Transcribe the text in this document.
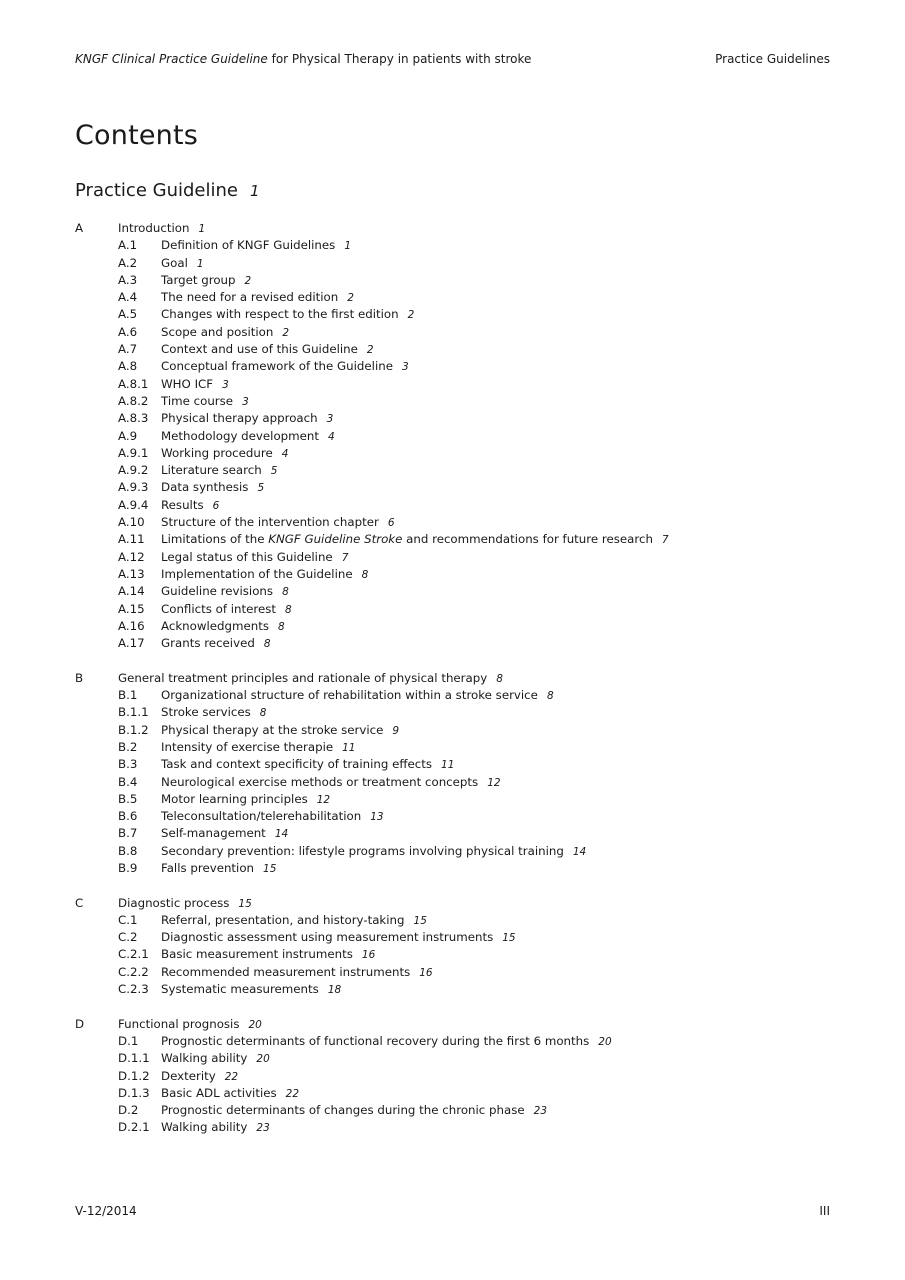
KNGF Clinical Practice Guideline for Physical Therapy in patients with stroke	Practice Guidelines
Contents
Practice Guideline 1
A	Introduction 1
A.1 Definition of KNGF Guidelines 1
A.2 Goal 1
A.3 Target group 2
A.4 The need for a revised edition 2
A.5 Changes with respect to the first edition 2
A.6 Scope and position 2
A.7 Context and use of this Guideline 2
A.8 Conceptual framework of the Guideline 3
A.8.1 WHO ICF 3
A.8.2 Time course 3
A.8.3 Physical therapy approach 3
A.9 Methodology development 4
A.9.1 Working procedure 4
A.9.2 Literature search 5
A.9.3 Data synthesis 5
A.9.4 Results 6
A.10 Structure of the intervention chapter 6
A.11 Limitations of the KNGF Guideline Stroke and recommendations for future research 7
A.12 Legal status of this Guideline 7
A.13 Implementation of the Guideline 8
A.14 Guideline revisions 8
A.15 Conflicts of interest 8
A.16 Acknowledgments 8
A.17 Grants received 8
B	General treatment principles and rationale of physical therapy 8
B.1 Organizational structure of rehabilitation within a stroke service 8
B.1.1 Stroke services 8
B.1.2 Physical therapy at the stroke service 9
B.2 Intensity of exercise therapie 11
B.3 Task and context specificity of training effects 11
B.4 Neurological exercise methods or treatment concepts 12
B.5 Motor learning principles 12
B.6 Teleconsultation/telerehabilitation 13
B.7 Self-management 14
B.8 Secondary prevention: lifestyle programs involving physical training 14
B.9 Falls prevention 15
C	Diagnostic process 15
C.1 Referral, presentation, and history-taking 15
C.2 Diagnostic assessment using measurement instruments 15
C.2.1 Basic measurement instruments 16
C.2.2 Recommended measurement instruments 16
C.2.3 Systematic measurements 18
D	Functional prognosis 20
D.1 Prognostic determinants of functional recovery during the first 6 months 20
D.1.1 Walking ability 20
D.1.2 Dexterity 22
D.1.3 Basic ADL activities 22
D.2 Prognostic determinants of changes during the chronic phase 23
D.2.1 Walking ability 23
V-12/2014	III
